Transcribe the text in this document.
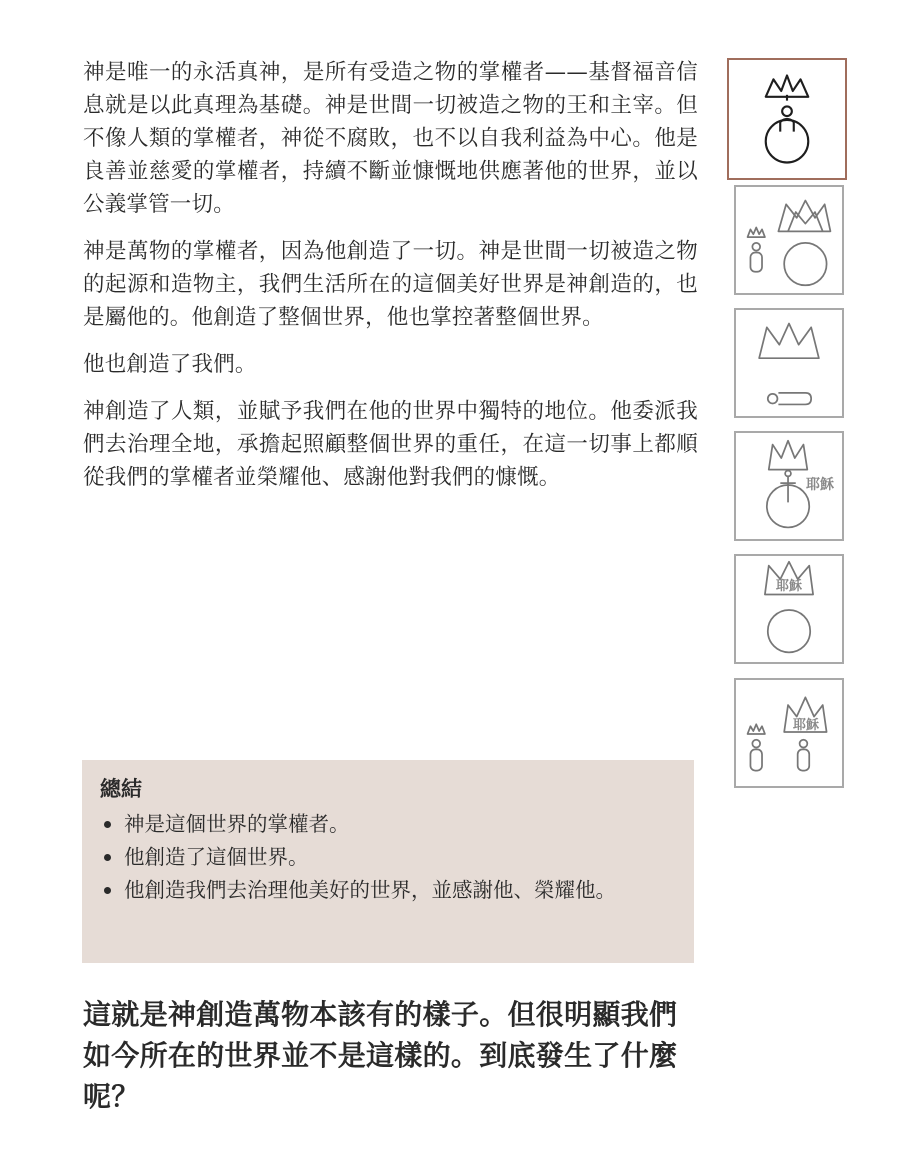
神是唯一的永活真神，是所有受造之物的掌權者——基督福音信息就是以此真理為基礎。神是世間一切被造之物的王和主宰。但不像人類的掌權者，神從不腐敗，也不以自我利益為中心。他是良善並慈愛的掌權者，持續不斷並慷慨地供應著他的世界，並以公義掌管一切。

神是萬物的掌權者，因為他創造了一切。神是世間一切被造之物的起源和造物主，我們生活所在的這個美好世界是神創造的，也是屬他的。他創造了整個世界，他也掌控著整個世界。

他也創造了我們。

神創造了人類，並賦予我們在他的世界中獨特的地位。他委派我們去治理全地，承擔起照顧整個世界的重任，在這一切事上都順從我們的掌權者並榮耀他、感謝他對我們的慷慨。

總結
神是這個世界的掌權者。
他創造了這個世界。
他創造我們去治理他美好的世界，並感謝他、榮耀他。
這就是神創造萬物本該有的樣子。但很明顯我們如今所在的世界並不是這樣的。到底發生了什麼呢？
耶穌
耶穌
耶穌
